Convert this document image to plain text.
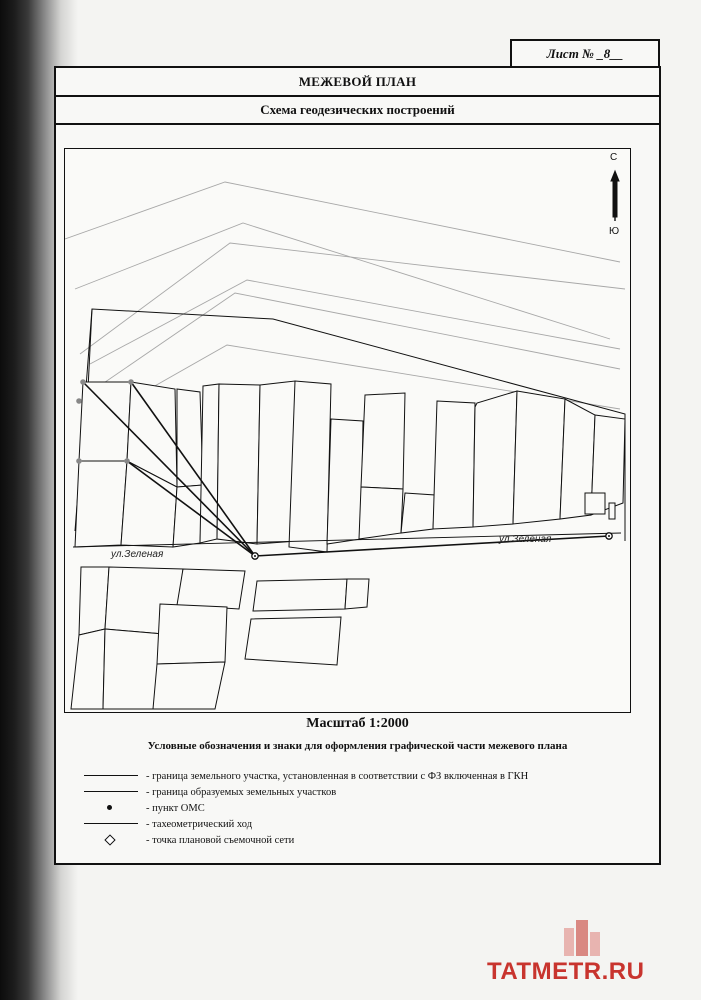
Лист № _8__
МЕЖЕВОЙ ПЛАН
Схема геодезических построений
С
Ю
ул.Зеленая
ул.Зеленая
Масштаб 1:2000
Условные обозначения и знаки для оформления графической части межевого плана
- граница земельного участка, установленная в соответствии с ФЗ включенная в ГКН
- граница образуемых земельных участков
- пункт ОМС
- тахеометрический ход
- точка плановой съемочной сети
TATMETR.RU
